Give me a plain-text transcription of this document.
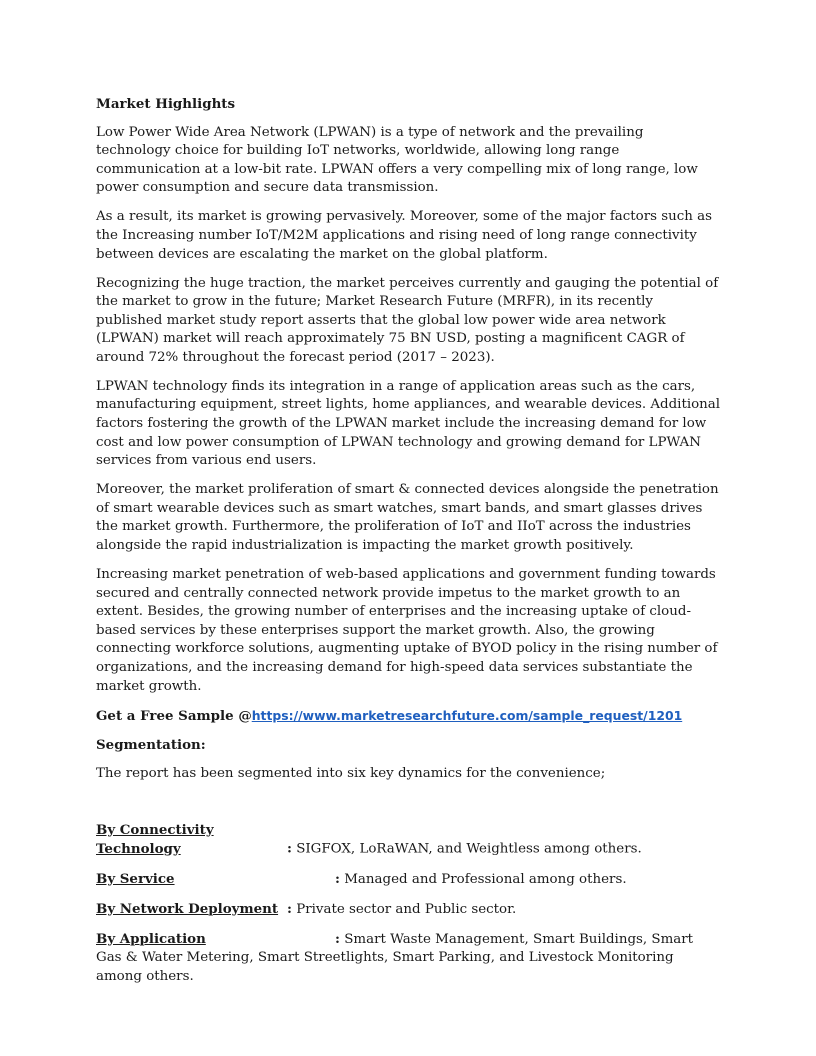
Market Highlights

Low Power Wide Area Network (LPWAN) is a type of network and the prevailing technology choice for building IoT networks, worldwide, allowing long range communication at a low-bit rate. LPWAN offers a very compelling mix of long range, low power consumption and secure data transmission.

As a result, its market is growing pervasively. Moreover, some of the major factors such as the Increasing number IoT/M2M applications and rising need of long range connectivity between devices are escalating the market on the global platform.

Recognizing the huge traction, the market perceives currently and gauging the potential of the market to grow in the future; Market Research Future (MRFR), in its recently published market study report asserts that the global low power wide area network (LPWAN) market will reach approximately 75 BN USD, posting a magnificent CAGR of around 72% throughout the forecast period (2017 – 2023).

LPWAN technology finds its integration in a range of application areas such as the cars, manufacturing equipment, street lights, home appliances, and wearable devices. Additional factors fostering the growth of the LPWAN market include the increasing demand for low cost and low power consumption of LPWAN technology and growing demand for LPWAN services from various end users.

Moreover, the market proliferation of smart & connected devices alongside the penetration of smart wearable devices such as smart watches, smart bands, and smart glasses drives the market growth. Furthermore, the proliferation of IoT and IIoT across the industries alongside the rapid industrialization is impacting the market growth positively.

Increasing market penetration of web-based applications and government funding towards secured and centrally connected network provide impetus to the market growth to an extent. Besides, the growing number of enterprises and the increasing uptake of cloud-based services by these enterprises support the market growth. Also, the growing connecting workforce solutions, augmenting uptake of BYOD policy in the rising number of organizations, and the increasing demand for high-speed data services substantiate the market growth.

Get a Free Sample @https://www.marketresearchfuture.com/sample_request/1201

Segmentation:

The report has been segmented into six key dynamics for the convenience;

By Connectivity Technology	: SIGFOX, LoRaWAN, and Weightless among others.

By Service	: Managed and Professional among others.

By Network Deployment : Private sector and Public sector.

By Application	: Smart Waste Management, Smart Buildings, Smart Gas & Water Metering, Smart Streetlights, Smart Parking, and Livestock Monitoring among others.
